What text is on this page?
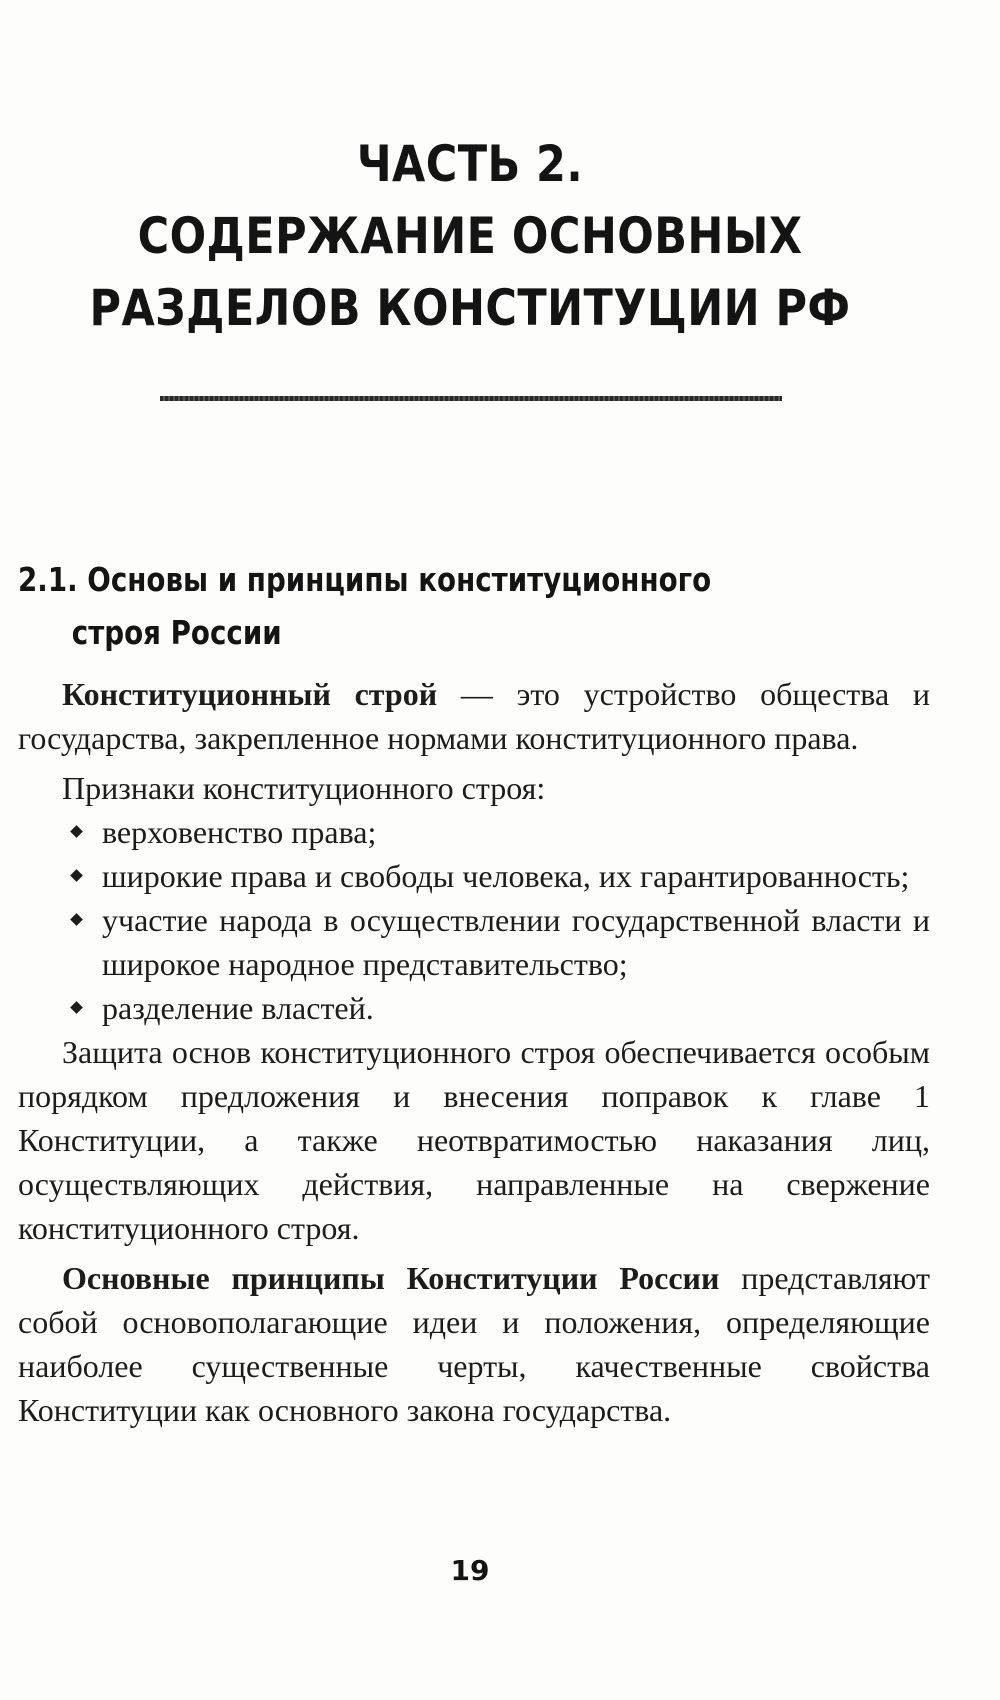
ЧАСТЬ 2.
СОДЕРЖАНИЕ ОСНОВНЫХ
РАЗДЕЛОВ КОНСТИТУЦИИ РФ
2.1. Основы и принципы конституционного
строя России

Конституционный строй — это устройство общества и государства, закрепленное нормами конституционного права.

Признаки конституционного строя:

верховенство права;
широкие права и свободы человека, их гарантированность;
участие народа в осуществлении государственной власти и широкое народное представительство;
разделение властей.

Защита основ конституционного строя обеспечивается особым порядком предложения и внесения поправок к главе 1 Конституции, а также неотвратимостью наказания лиц, осуществляющих действия, направленные на свержение конституционного строя.

Основные принципы Конституции России представляют собой основополагающие идеи и положения, определяющие наиболее существенные черты, качественные свойства Конституции как основного закона государства.

19
